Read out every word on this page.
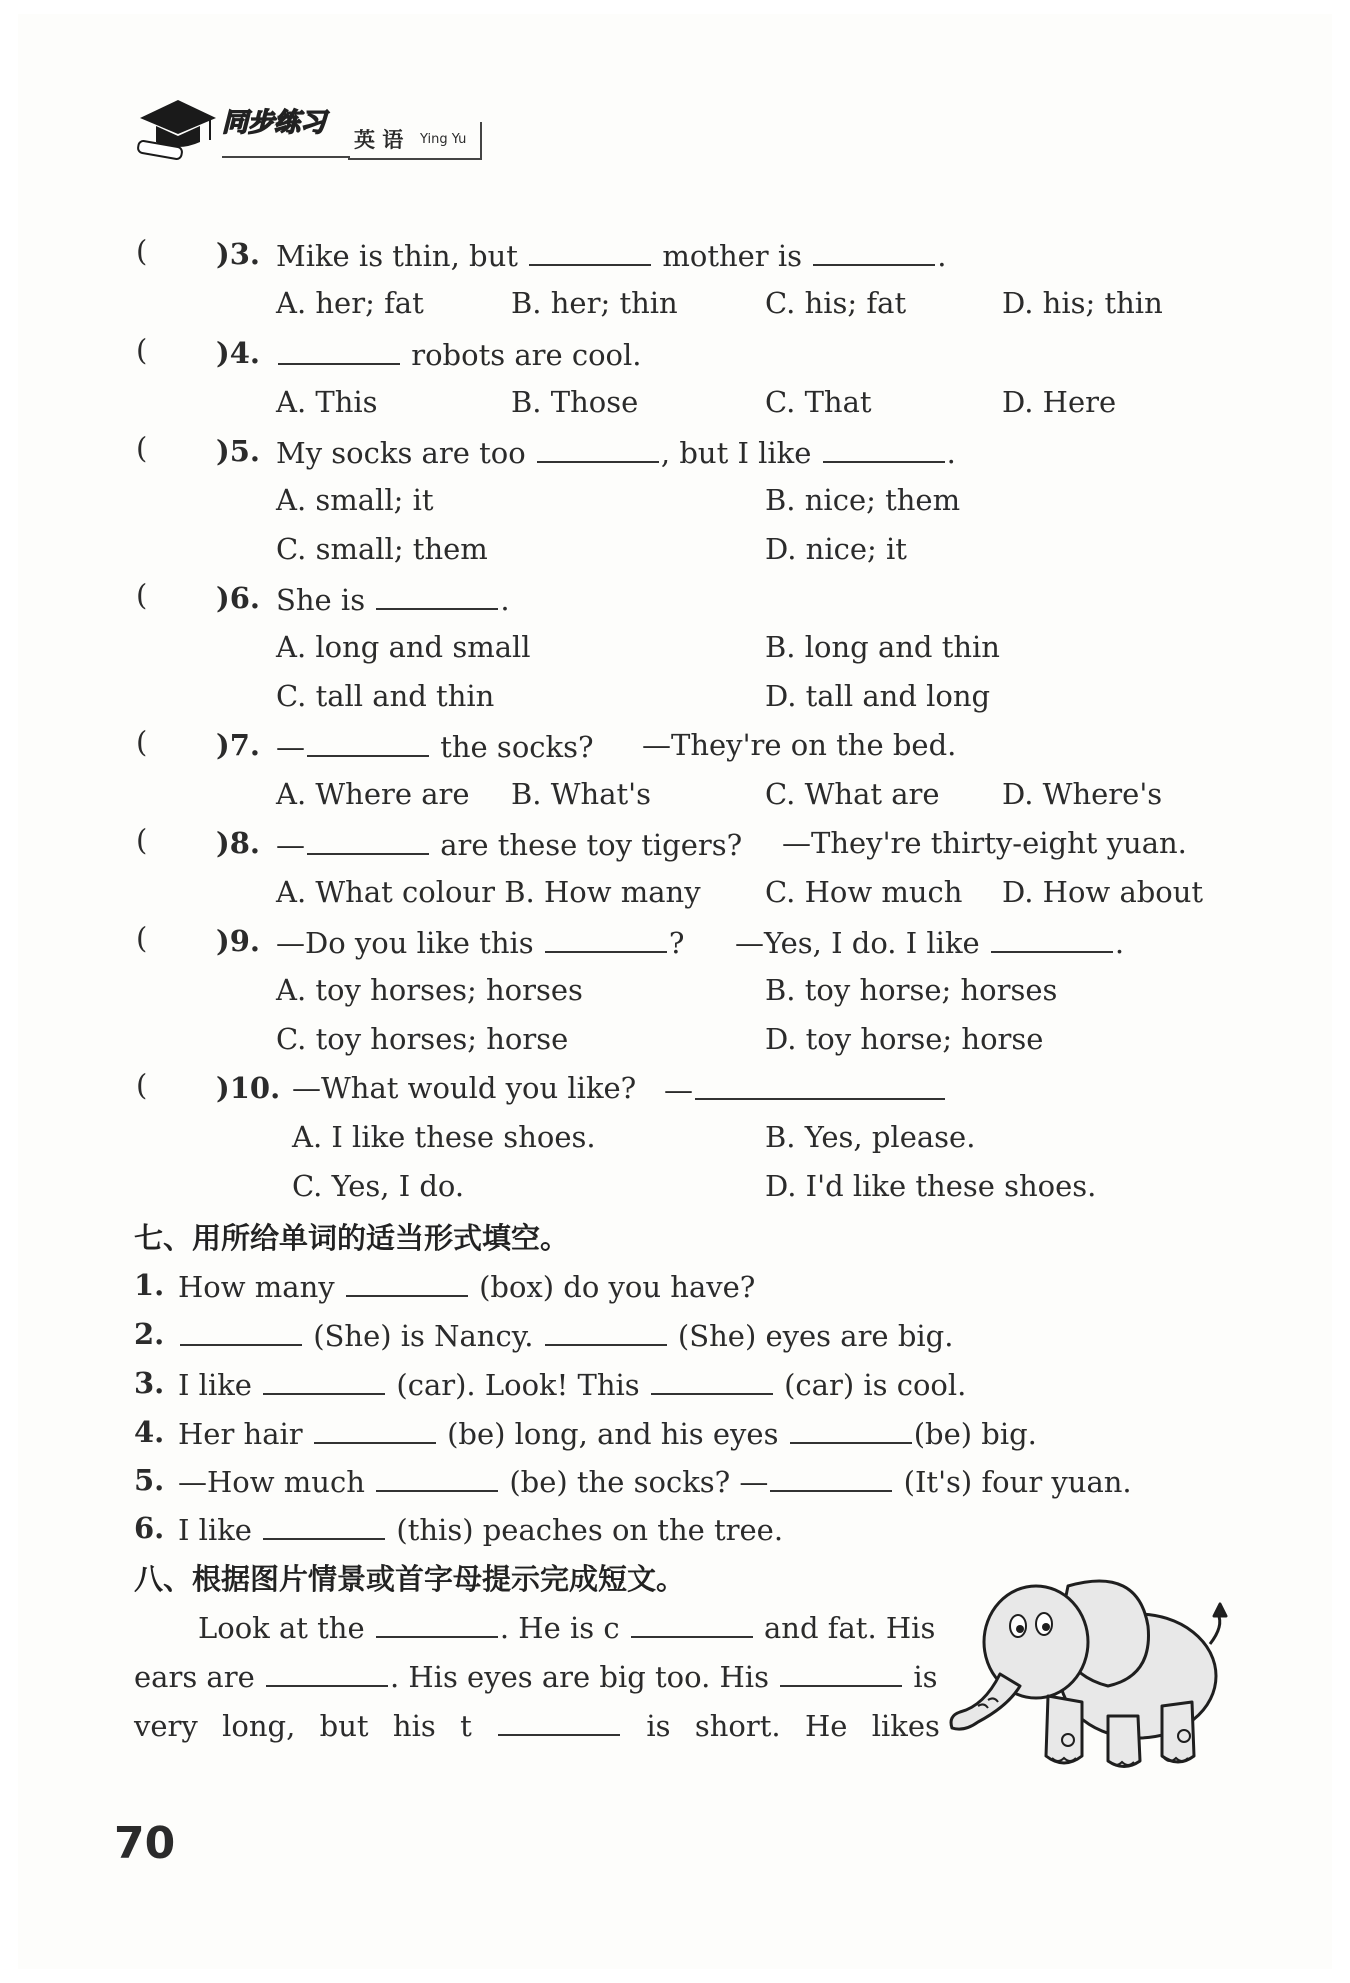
同步练习
英 语 Ying Yu
( )3. Mike is thin, but	mother is	.
A. her; fat	B. her; thin	C. his; fat	D. his; thin
( )4.	robots are cool.
A. This	B. Those	C. That	D. Here
( )5. My socks are too	, but I like	.
A. small; it	B. nice; them
C. small; them	D. nice; it
( )6. She is	.
A. long and small	B. long and thin
C. tall and thin	D. tall and long
( )7. —	the socks? —They're on the bed.
A. Where are B. What's	C. What are D. Where's
( )8. —	are these toy tigers? —They're thirty-eight yuan.
A. What colour B. How many C. How much D. How about
( )9. —Do you like this	? —Yes, I do. I like	.
A. toy horses; horses	B. toy horse; horses
C. toy horses; horse	D. toy horse; horse
( )10. —What would you like? —
A. I like these shoes.	B. Yes, please.
C. Yes, I do.	D. I'd like these shoes.
七、用所给单词的适当形式填空。
1. How many	(box) do you have?
2.	(She) is Nancy.	(She) eyes are big.
3. I like	(car). Look! This	(car) is cool.
4. Her hair	(be) long, and his eyes	(be) big.
5. —How much	(be) the socks? —	(It's) four yuan.
6. I like	(this) peaches on the tree.
八、根据图片情景或首字母提示完成短文。
Look at the	. He is c	and fat. His
ears are	. His eyes are big too. His	is
very long, but his t	is short. He likes
70
